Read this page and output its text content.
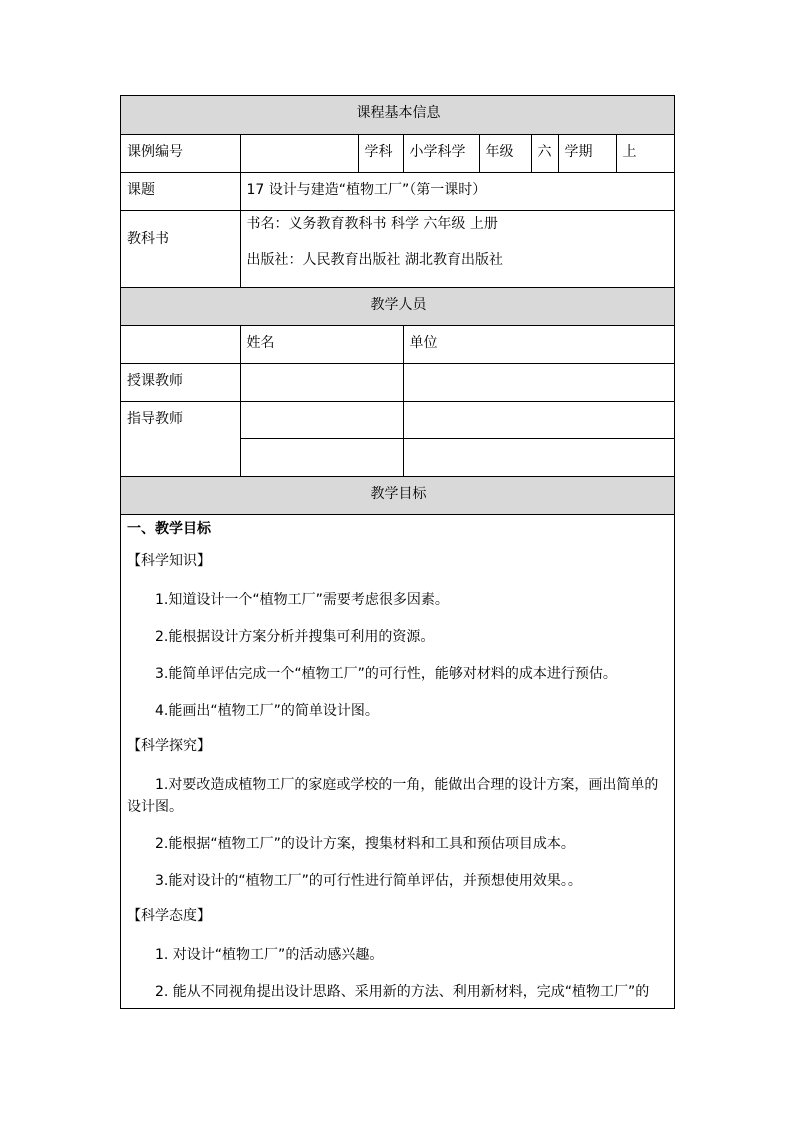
课程基本信息							
课例编号		学科	小学科学	年级	六	学期	上
课题	17 设计与建造“植物工厂”（第一课时）						
教科书	书名：义务教育教科书 科学 六年级 上册
出版社：人民教育出版社 湖北教育出版社						

教学人员							
	姓名		单位				
授课教师							
指导教师							

教学目标							
一、教学目标
【科学知识】
1.知道设计一个“植物工厂”需要考虑很多因素。
2.能根据设计方案分析并搜集可利用的资源。
3.能简单评估完成一个“植物工厂”的可行性，能够对材料的成本进行预估。
4.能画出“植物工厂”的简单设计图。
【科学探究】
1.对要改造成植物工厂的家庭或学校的一角，能做出合理的设计方案，画出简单的设计图。
2.能根据“植物工厂”的设计方案，搜集材料和工具和预估项目成本。
3.能对设计的“植物工厂”的可行性进行简单评估，并预想使用效果。。
【科学态度】
1. 对设计“植物工厂”的活动感兴趣。
2. 能从不同视角提出设计思路、采用新的方法、利用新材料，完成“植物工厂”的
